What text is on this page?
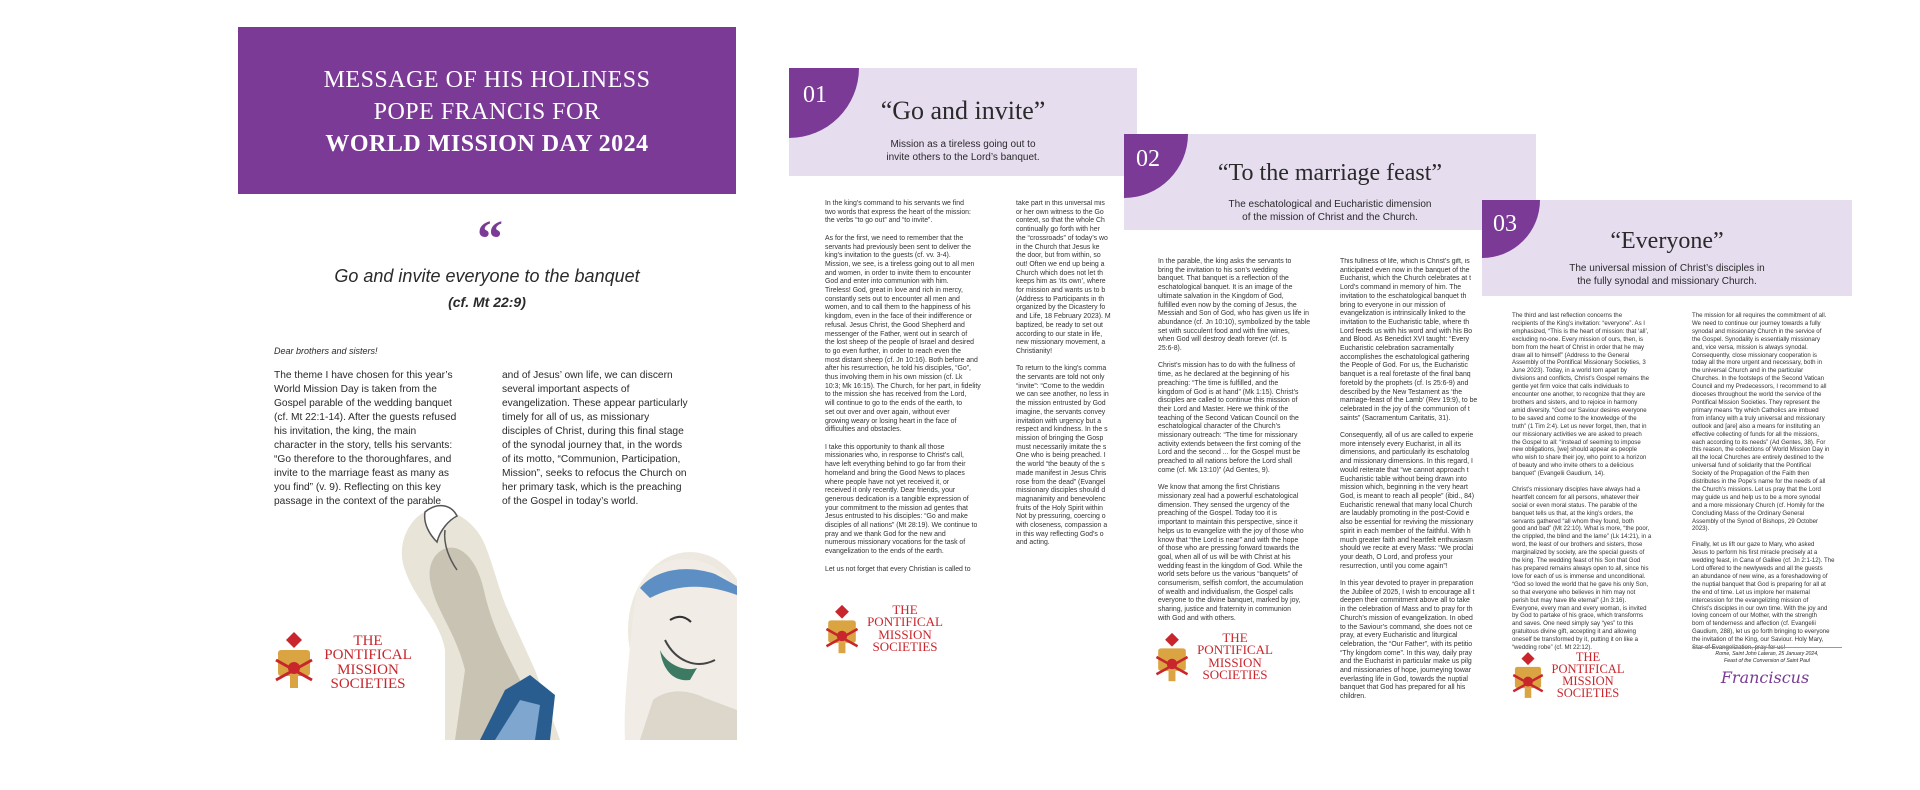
MESSAGE OF HIS HOLINESS
POPE FRANCIS FOR
WORLD MISSION DAY 2024
“
Go and invite everyone to the banquet
(cf. Mt 22:9)
Dear brothers and sisters!
The theme I have chosen for this year’s
World Mission Day is taken from the
Gospel parable of the wedding banquet
(cf. Mt 22:1-14). After the guests refused
his invitation, the king, the main
character in the story, tells his servants:
“Go therefore to the thoroughfares, and
invite to the marriage feast as many as
you find” (v. 9). Reflecting on this key
passage in the context of the parable
and of Jesus’ own life, we can discern
several important aspects of
evangelization. These appear particularly
timely for all of us, as missionary
disciples of Christ, during this final stage
of the synodal journey that, in the words
of its motto, “Communion, Participation,
Mission”, seeks to refocus the Church on
her primary task, which is the preaching
of the Gospel in today’s world.
THE
PONTIFICAL
MISSION
SOCIETIES
“Go and invite”
Mission as a tireless going out to
invite others to the Lord’s banquet.
01
In the king’s command to his servants we find
two words that express the heart of the mission:
the verbs “to go out” and “to invite”.

As for the first, we need to remember that the
servants had previously been sent to deliver the
king’s invitation to the guests (cf. vv. 3-4).
Mission, we see, is a tireless going out to all men
and women, in order to invite them to encounter
God and enter into communion with him.
Tireless! God, great in love and rich in mercy,
constantly sets out to encounter all men and
women, and to call them to the happiness of his
kingdom, even in the face of their indifference or
refusal. Jesus Christ, the Good Shepherd and
messenger of the Father, went out in search of
the lost sheep of the people of Israel and desired
to go even further, in order to reach even the
most distant sheep (cf. Jn 10:16). Both before and
after his resurrection, he told his disciples, “Go”,
thus involving them in his own mission (cf. Lk
10:3; Mk 16:15). The Church, for her part, in fidelity
to the mission she has received from the Lord,
will continue to go to the ends of the earth, to
set out over and over again, without ever
growing weary or losing heart in the face of
difficulties and obstacles.

I take this opportunity to thank all those
missionaries who, in response to Christ’s call,
have left everything behind to go far from their
homeland and bring the Good News to places
where people have not yet received it, or
received it only recently. Dear friends, your
generous dedication is a tangible expression of
your commitment to the mission ad gentes that
Jesus entrusted to his disciples: “Go and make
disciples of all nations” (Mt 28:19). We continue to
pray and we thank God for the new and
numerous missionary vocations for the task of
evangelization to the ends of the earth.

Let us not forget that every Christian is called to
take part in this universal mis
or her own witness to the Go
context, so that the whole Ch
continually go forth with her
the “crossroads” of today’s wo
in the Church that Jesus ke
the door, but from within, so
out! Often we end up being a
Church which does not let th
keeps him as ‘its own’, where
for mission and wants us to b
(Address to Participants in th
organized by the Dicastery fo
and Life, 18 February 2023). M
baptized, be ready to set out
according to our state in life,
new missionary movement, a
Christianity!

To return to the king’s comma
the servants are told not only
“invite”: “Come to the weddin
we can see another, no less in
the mission entrusted by God
imagine, the servants convey
invitation with urgency but a
respect and kindness. In the s
mission of bringing the Gosp
must necessarily imitate the s
One who is being preached. I
the world “the beauty of the s
made manifest in Jesus Chris
rose from the dead” (Evangel
missionary disciples should d
magnanimity and benevolenc
fruits of the Holy Spirit within
Not by pressuring, coercing o
with closeness, compassion a
in this way reflecting God’s o
and acting.
THE
PONTIFICAL
MISSION
SOCIETIES
“To the marriage feast”
The eschatological and Eucharistic dimension
of the mission of Christ and the Church.
02
In the parable, the king asks the servants to
bring the invitation to his son’s wedding
banquet. That banquet is a reflection of the
eschatological banquet. It is an image of the
ultimate salvation in the Kingdom of God,
fulfilled even now by the coming of Jesus, the
Messiah and Son of God, who has given us life in
abundance (cf. Jn 10:10), symbolized by the table
set with succulent food and with fine wines,
when God will destroy death forever (cf. Is
25:6-8).

Christ’s mission has to do with the fullness of
time, as he declared at the beginning of his
preaching: “The time is fulfilled, and the
kingdom of God is at hand” (Mk 1:15). Christ’s
disciples are called to continue this mission of
their Lord and Master. Here we think of the
teaching of the Second Vatican Council on the
eschatological character of the Church’s
missionary outreach: “The time for missionary
activity extends between the first coming of the
Lord and the second ... for the Gospel must be
preached to all nations before the Lord shall
come (cf. Mk 13:10)” (Ad Gentes, 9).

We know that among the first Christians
missionary zeal had a powerful eschatological
dimension. They sensed the urgency of the
preaching of the Gospel. Today too it is
important to maintain this perspective, since it
helps us to evangelize with the joy of those who
know that “the Lord is near” and with the hope
of those who are pressing forward towards the
goal, when all of us will be with Christ at his
wedding feast in the kingdom of God. While the
world sets before us the various “banquets” of
consumerism, selfish comfort, the accumulation
of wealth and individualism, the Gospel calls
everyone to the divine banquet, marked by joy,
sharing, justice and fraternity in communion
with God and with others.
This fullness of life, which is Christ’s gift, is
anticipated even now in the banquet of the
Eucharist, which the Church celebrates at t
Lord’s command in memory of him. The
invitation to the eschatological banquet th
bring to everyone in our mission of
evangelization is intrinsically linked to the
invitation to the Eucharistic table, where th
Lord feeds us with his word and with his Bo
and Blood. As Benedict XVI taught: “Every
Eucharistic celebration sacramentally
accomplishes the eschatological gathering
the People of God. For us, the Eucharistic
banquet is a real foretaste of the final banq
foretold by the prophets (cf. Is 25:6-9) and
described by the New Testament as ‘the
marriage-feast of the Lamb’ (Rev 19:9), to be
celebrated in the joy of the communion of t
saints” (Sacramentum Caritatis, 31).

Consequently, all of us are called to experie
more intensely every Eucharist, in all its
dimensions, and particularly its eschatolog
and missionary dimensions. In this regard, I
would reiterate that “we cannot approach t
Eucharistic table without being drawn into
mission which, beginning in the very heart
God, is meant to reach all people” (ibid., 84)
Eucharistic renewal that many local Church
are laudably promoting in the post-Covid e
also be essential for reviving the missionary
spirit in each member of the faithful. With h
much greater faith and heartfelt enthusiasm
should we recite at every Mass: “We proclai
your death, O Lord, and profess your
resurrection, until you come again”!

In this year devoted to prayer in preparation
the Jubilee of 2025, I wish to encourage all t
deepen their commitment above all to take
in the celebration of Mass and to pray for th
Church’s mission of evangelization. In obed
to the Saviour’s command, she does not ce
pray, at every Eucharistic and liturgical
celebration, the “Our Father”, with its petitio
“Thy kingdom come”. In this way, daily pray
and the Eucharist in particular make us pilg
and missionaries of hope, journeying towar
everlasting life in God, towards the nuptial
banquet that God has prepared for all his
children.
THE
PONTIFICAL
MISSION
SOCIETIES
“Everyone”
The universal mission of Christ’s disciples in
the fully synodal and missionary Church.
03
The third and last reflection concerns the
recipients of the King’s invitation: “everyone”. As I
emphasized, “This is the heart of mission: that ‘all’,
excluding no-one. Every mission of ours, then, is
born from the heart of Christ in order that he may
draw all to himself” (Address to the General
Assembly of the Pontifical Missionary Societies, 3
June 2023). Today, in a world torn apart by
divisions and conflicts, Christ’s Gospel remains the
gentle yet firm voice that calls individuals to
encounter one another, to recognize that they are
brothers and sisters, and to rejoice in harmony
amid diversity. “God our Saviour desires everyone
to be saved and come to the knowledge of the
truth” (1 Tim 2:4). Let us never forget, then, that in
our missionary activities we are asked to preach
the Gospel to all: “instead of seeming to impose
new obligations, [we] should appear as people
who wish to share their joy, who point to a horizon
of beauty and who invite others to a delicious
banquet” (Evangelii Gaudium, 14).

Christ’s missionary disciples have always had a
heartfelt concern for all persons, whatever their
social or even moral status. The parable of the
banquet tells us that, at the king’s orders, the
servants gathered “all whom they found, both
good and bad” (Mt 22:10). What is more, “the poor,
the crippled, the blind and the lame” (Lk 14:21), in a
word, the least of our brothers and sisters, those
marginalized by society, are the special guests of
the king. The wedding feast of his Son that God
has prepared remains always open to all, since his
love for each of us is immense and unconditional.
“God so loved the world that he gave his only Son,
so that everyone who believes in him may not
perish but may have life eternal” (Jn 3:16).
Everyone, every man and every woman, is invited
by God to partake of his grace, which transforms
and saves. One need simply say “yes” to this
gratuitous divine gift, accepting it and allowing
oneself be transformed by it, putting it on like a
“wedding robe” (cf. Mt 22:12).
The mission for all requires the commitment of all.
We need to continue our journey towards a fully
synodal and missionary Church in the service of
the Gospel. Synodality is essentially missionary
and, vice versa, mission is always synodal.
Consequently, close missionary cooperation is
today all the more urgent and necessary, both in
the universal Church and in the particular
Churches. In the footsteps of the Second Vatican
Council and my Predecessors, I recommend to all
dioceses throughout the world the service of the
Pontifical Mission Societies. They represent the
primary means “by which Catholics are imbued
from infancy with a truly universal and missionary
outlook and [are] also a means for instituting an
effective collecting of funds for all the missions,
each according to its needs” (Ad Gentes, 38). For
this reason, the collections of World Mission Day in
all the local Churches are entirely destined to the
universal fund of solidarity that the Pontifical
Society of the Propagation of the Faith then
distributes in the Pope’s name for the needs of all
the Church’s missions. Let us pray that the Lord
may guide us and help us to be a more synodal
and a more missionary Church (cf. Homily for the
Concluding Mass of the Ordinary General
Assembly of the Synod of Bishops, 29 October
2023).

Finally, let us lift our gaze to Mary, who asked
Jesus to perform his first miracle precisely at a
wedding feast, in Cana of Galilee (cf. Jn 2:1-12). The
Lord offered to the newlyweds and all the guests
an abundance of new wine, as a foreshadowing of
the nuptial banquet that God is preparing for all at
the end of time. Let us implore her maternal
intercession for the evangelizing mission of
Christ’s disciples in our own time. With the joy and
loving concern of our Mother, with the strength
born of tenderness and affection (cf. Evangelii
Gaudium, 288), let us go forth bringing to everyone
the invitation of the King, our Saviour. Holy Mary,
Star of Evangelization, pray for us!
Rome, Saint John Lateran, 25 January 2024,
Feast of the Conversion of Saint Paul
Franciscus
THE
PONTIFICAL
MISSION
SOCIETIES
